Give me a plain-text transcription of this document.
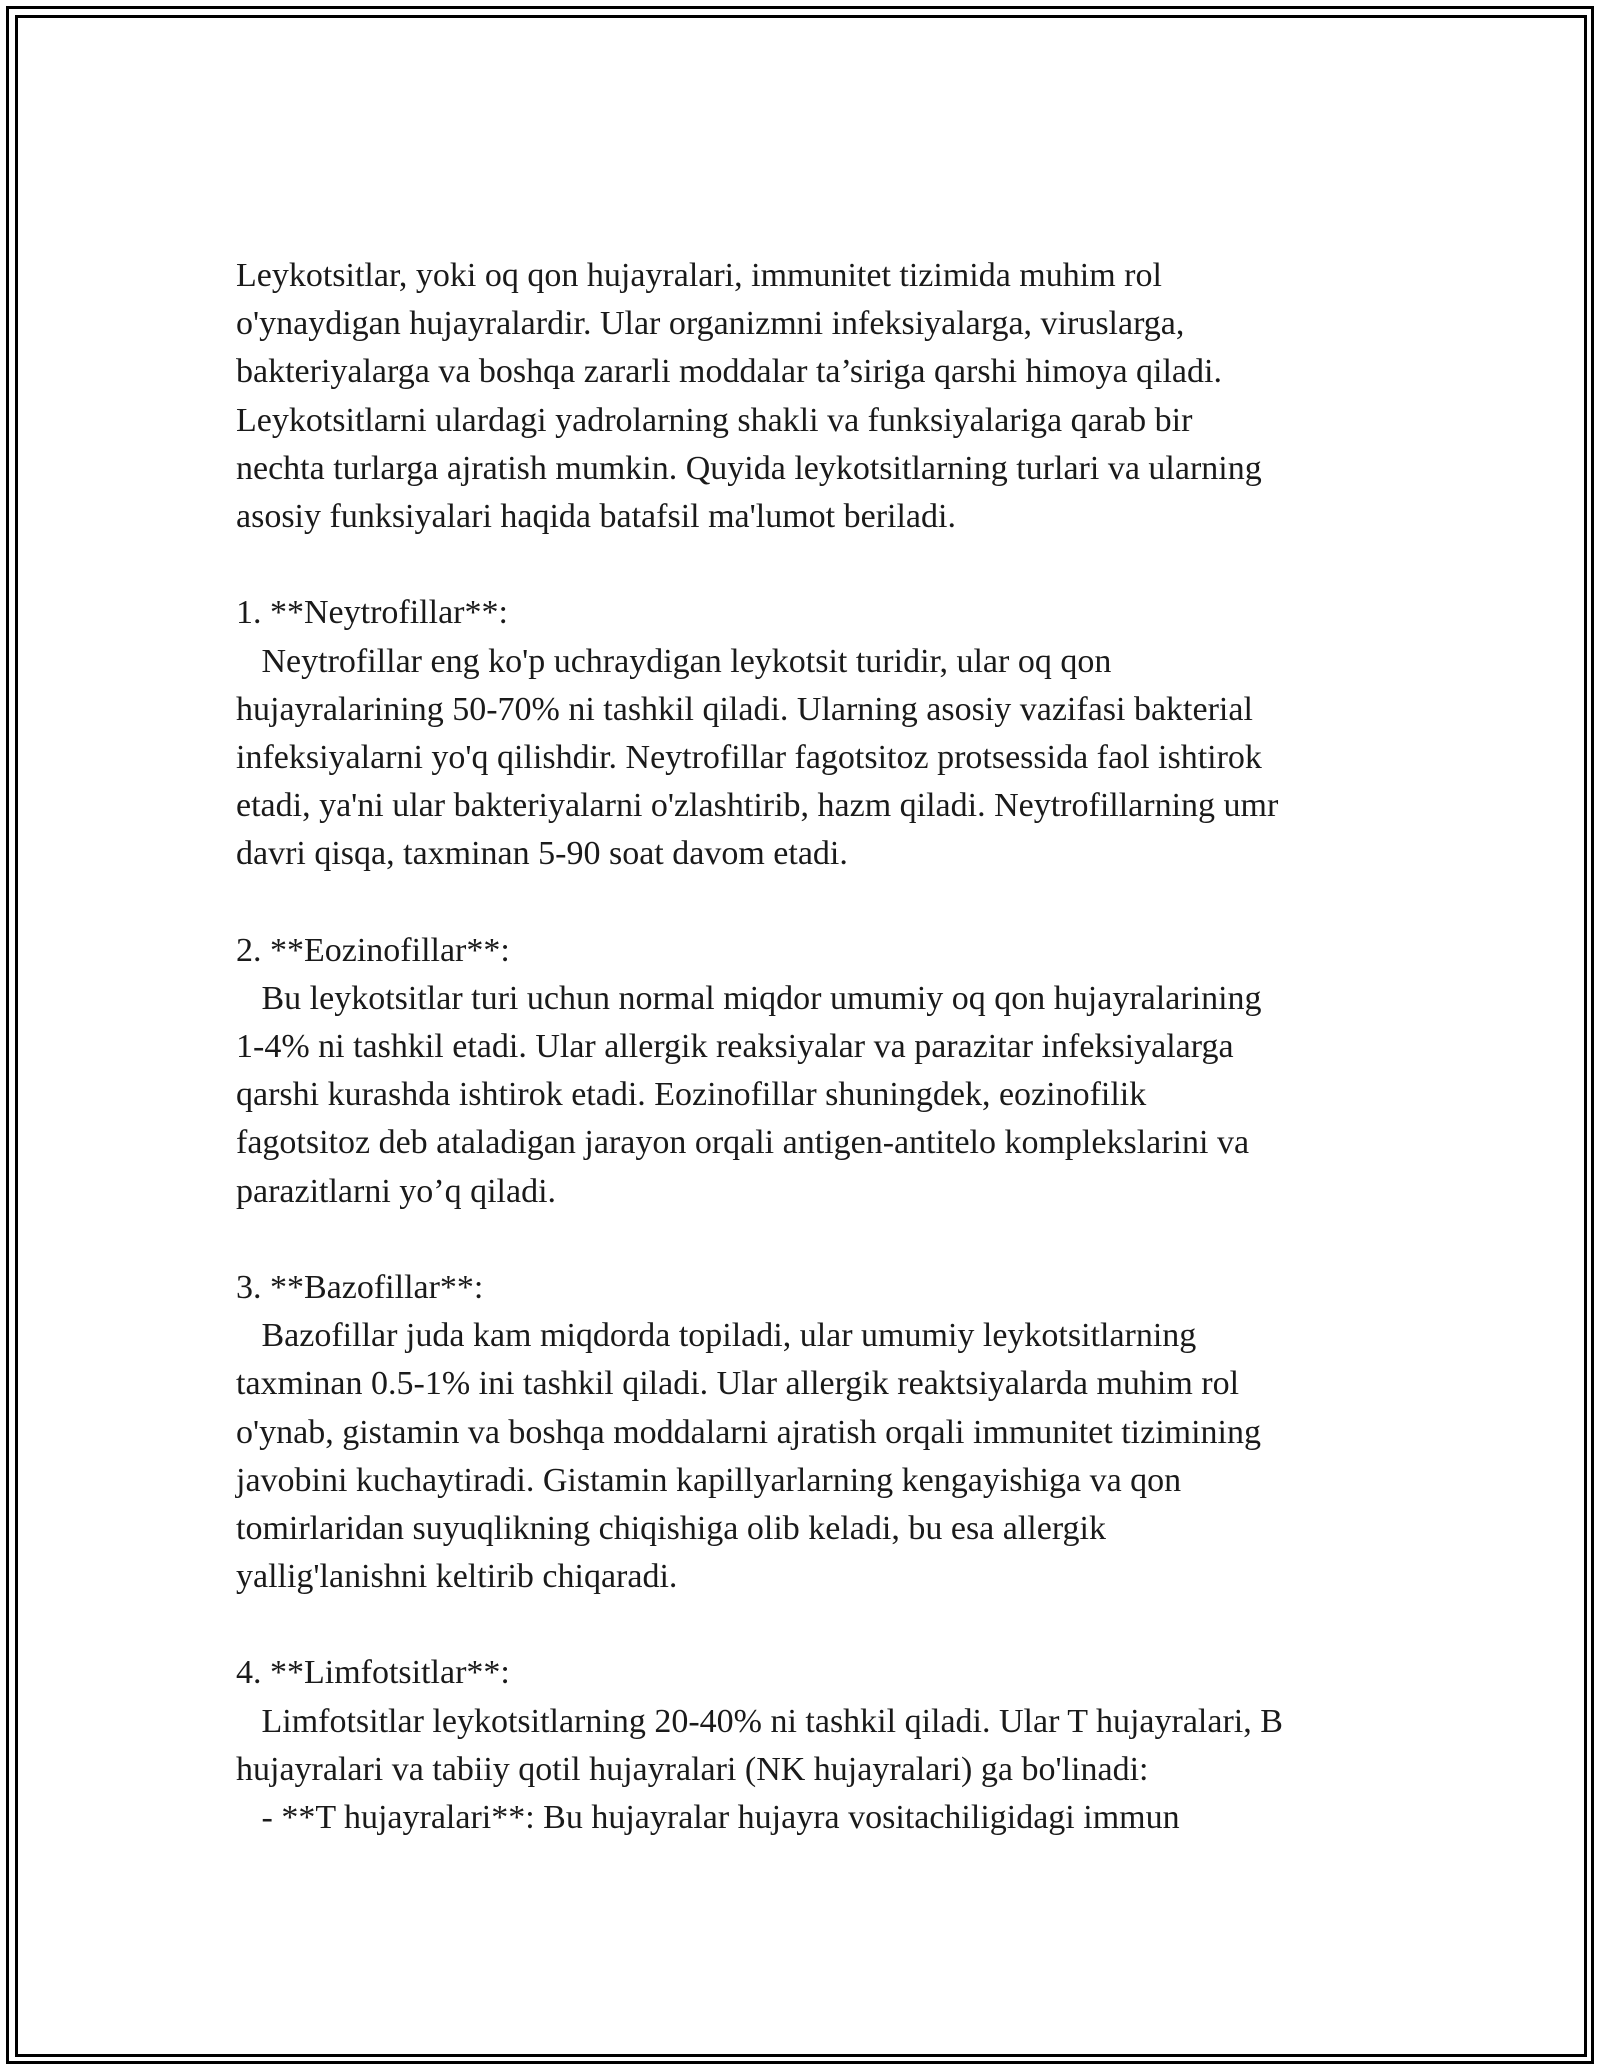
Leykotsitlar, yoki oq qon hujayralari, immunitet tizimida muhim rol
o'ynaydigan hujayralardir. Ular organizmni infeksiyalarga, viruslarga,
bakteriyalarga va boshqa zararli moddalar ta’siriga qarshi himoya qiladi.
Leykotsitlarni ulardagi yadrolarning shakli va funksiyalariga qarab bir
nechta turlarga ajratish mumkin. Quyida leykotsitlarning turlari va ularning
asosiy funksiyalari haqida batafsil ma'lumot beriladi.
1. **Neytrofillar**:
Neytrofillar eng ko'p uchraydigan leykotsit turidir, ular oq qon
hujayralarining 50-70% ni tashkil qiladi. Ularning asosiy vazifasi bakterial
infeksiyalarni yo'q qilishdir. Neytrofillar fagotsitoz protsessida faol ishtirok
etadi, ya'ni ular bakteriyalarni o'zlashtirib, hazm qiladi. Neytrofillarning umr
davri qisqa, taxminan 5-90 soat davom etadi.
2. **Eozinofillar**:
Bu leykotsitlar turi uchun normal miqdor umumiy oq qon hujayralarining
1-4% ni tashkil etadi. Ular allergik reaksiyalar va parazitar infeksiyalarga
qarshi kurashda ishtirok etadi. Eozinofillar shuningdek, eozinofilik
fagotsitoz deb ataladigan jarayon orqali antigen-antitelo komplekslarini va
parazitlarni yo’q qiladi.
3. **Bazofillar**:
Bazofillar juda kam miqdorda topiladi, ular umumiy leykotsitlarning
taxminan 0.5-1% ini tashkil qiladi. Ular allergik reaktsiyalarda muhim rol
o'ynab, gistamin va boshqa moddalarni ajratish orqali immunitet tizimining
javobini kuchaytiradi. Gistamin kapillyarlarning kengayishiga va qon
tomirlaridan suyuqlikning chiqishiga olib keladi, bu esa allergik
yallig'lanishni keltirib chiqaradi.
4. **Limfotsitlar**:
Limfotsitlar leykotsitlarning 20-40% ni tashkil qiladi. Ular T hujayralari, B
hujayralari va tabiiy qotil hujayralari (NK hujayralari) ga bo'linadi:
- **T hujayralari**: Bu hujayralar hujayra vositachiligidagi immun
